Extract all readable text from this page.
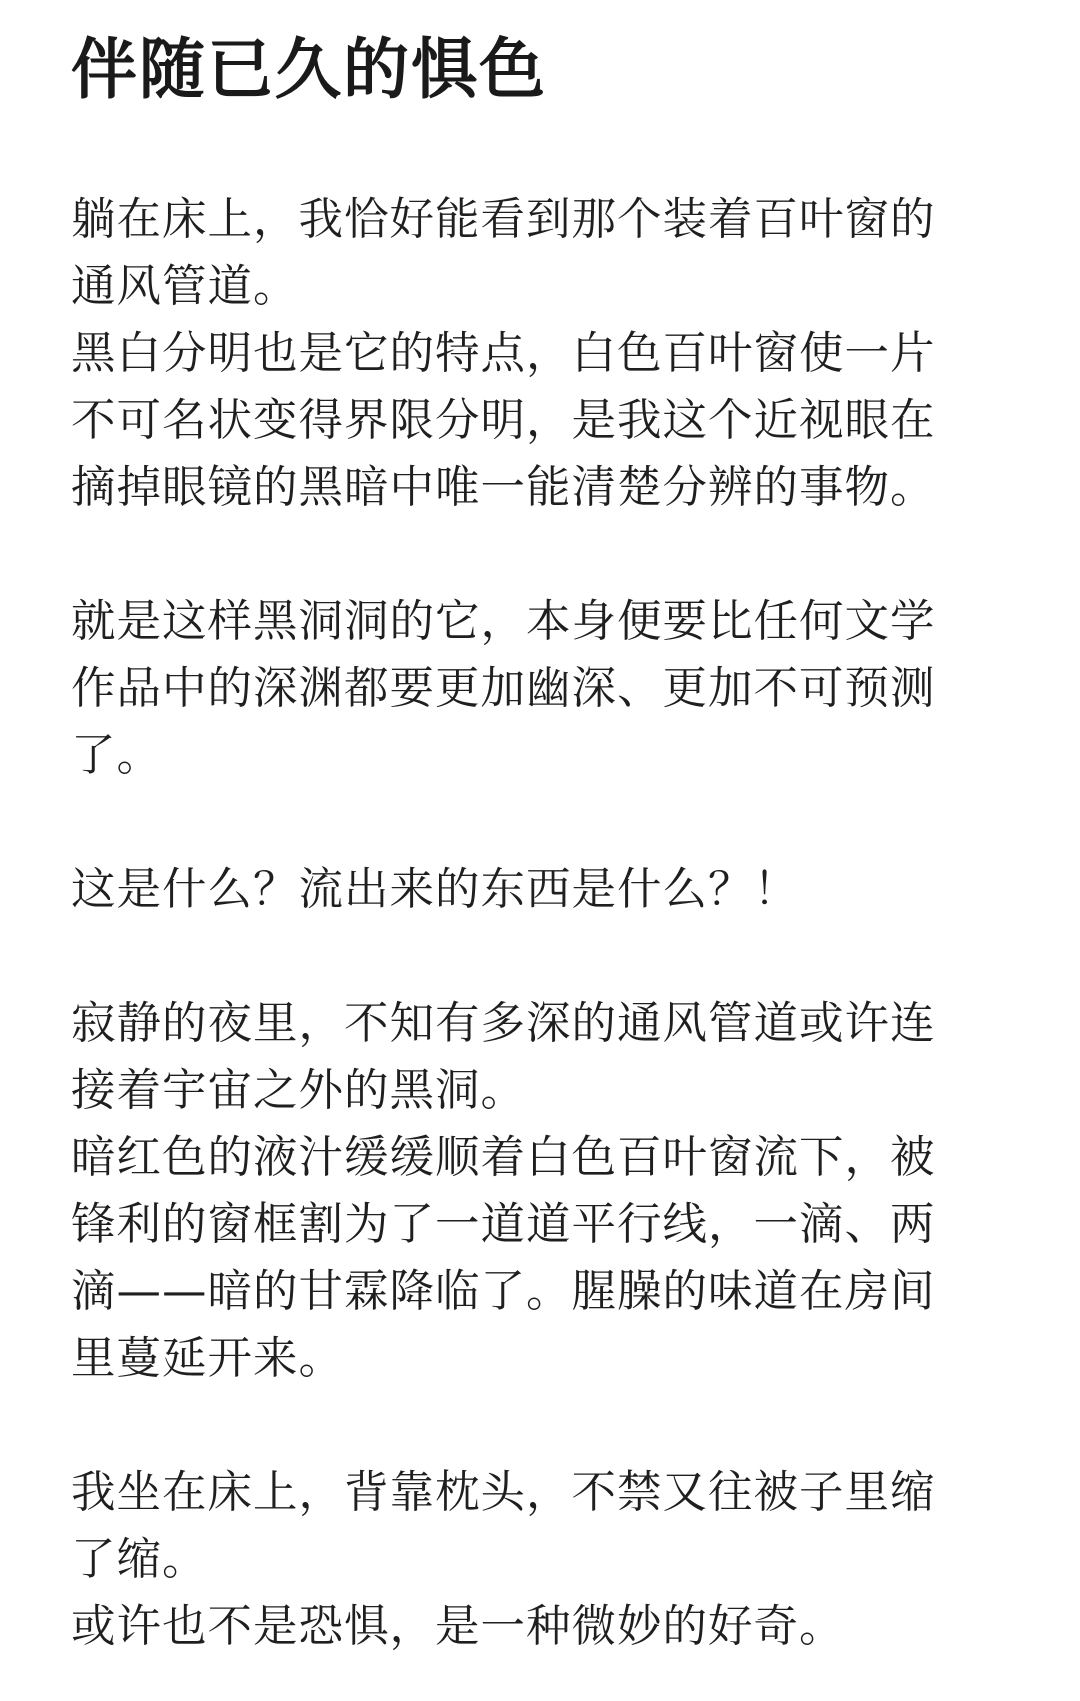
伴随已久的惧色

躺在床上，我恰好能看到那个装着百叶窗的
通风管道。
黑白分明也是它的特点，白色百叶窗使一片
不可名状变得界限分明，是我这个近视眼在
摘掉眼镜的黑暗中唯一能清楚分辨的事物。

就是这样黑洞洞的它，本身便要比任何文学
作品中的深渊都要更加幽深、更加不可预测
了。

这是什么？流出来的东西是什么？！

寂静的夜里，不知有多深的通风管道或许连
接着宇宙之外的黑洞。
暗红色的液汁缓缓顺着白色百叶窗流下，被
锋利的窗框割为了一道道平行线，一滴、两
滴——暗的甘霖降临了。腥臊的味道在房间
里蔓延开来。

我坐在床上，背靠枕头，不禁又往被子里缩
了缩。
或许也不是恐惧，是一种微妙的好奇。
